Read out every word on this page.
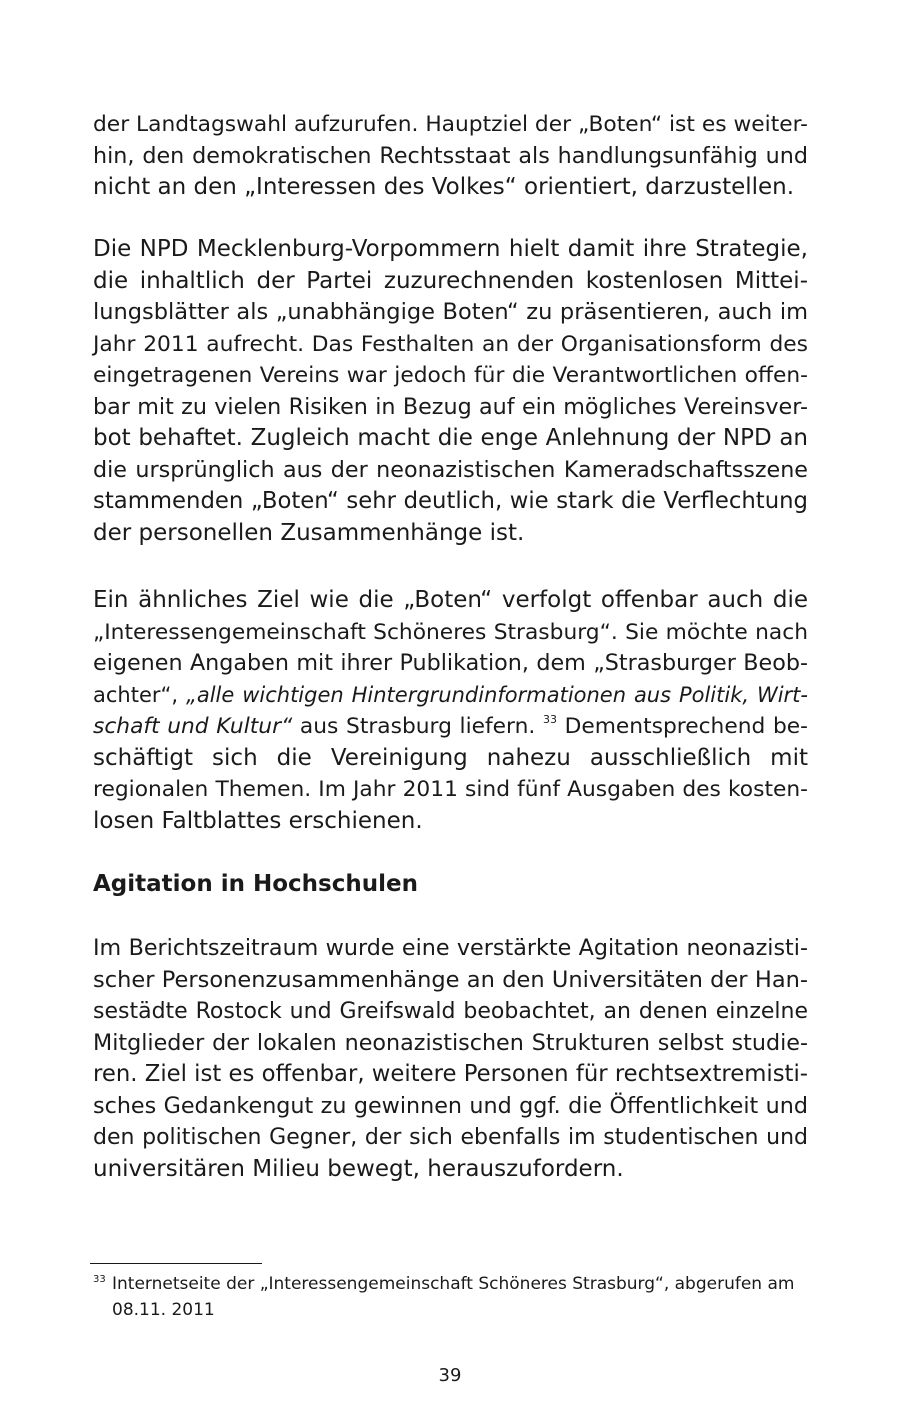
der Landtagswahl aufzurufen. Hauptziel der „Boten“ ist es weiter-
hin, den demokratischen Rechtsstaat als handlungsunfähig und
nicht an den „Interessen des Volkes“ orientiert, darzustellen.

Die NPD Mecklenburg-Vorpommern hielt damit ihre Strategie,
die inhaltlich der Partei zuzurechnenden kostenlosen Mittei-
lungsblätter als „unabhängige Boten“ zu präsentieren, auch im
Jahr 2011 aufrecht. Das Festhalten an der Organisationsform des
eingetragenen Vereins war jedoch für die Verantwortlichen offen-
bar mit zu vielen Risiken in Bezug auf ein mögliches Vereinsver-
bot behaftet. Zugleich macht die enge Anlehnung der NPD an
die ursprünglich aus der neonazistischen Kameradschaftsszene
stammenden „Boten“ sehr deutlich, wie stark die Verflechtung
der personellen Zusammenhänge ist.

Ein ähnliches Ziel wie die „Boten“ verfolgt offenbar auch die
„Interessengemeinschaft Schöneres Strasburg“. Sie möchte nach
eigenen Angaben mit ihrer Publikation, dem „Strasburger Beob-
achter“, „alle wichtigen Hintergrundinformationen aus Politik, Wirt-
schaft und Kultur“ aus Strasburg liefern. $^{33}$ Dementsprechend be-
schäftigt sich die Vereinigung nahezu ausschließlich mit
regionalen Themen. Im Jahr 2011 sind fünf Ausgaben des kosten-
losen Faltblattes erschienen.

Agitation in Hochschulen

Im Berichtszeitraum wurde eine verstärkte Agitation neonazisti-
scher Personenzusammenhänge an den Universitäten der Han-
sestädte Rostock und Greifswald beobachtet, an denen einzelne
Mitglieder der lokalen neonazistischen Strukturen selbst studie-
ren. Ziel ist es offenbar, weitere Personen für rechtsextremisti-
sches Gedankengut zu gewinnen und ggf. die Öffentlichkeit und
den politischen Gegner, der sich ebenfalls im studentischen und
universitären Milieu bewegt, herauszufordern.

33 Internetseite der „Interessengemeinschaft Schöneres Strasburg“, abgerufen am
08.11. 2011
39
